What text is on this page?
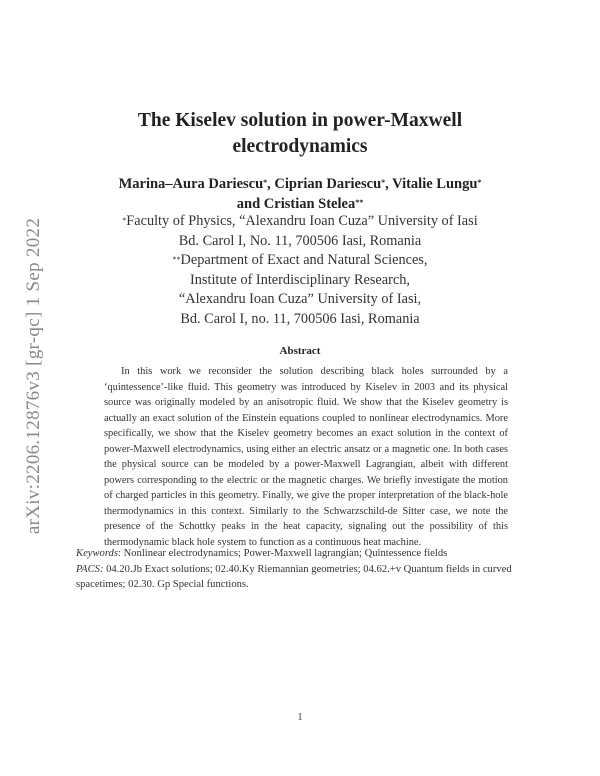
arXiv:2206.12876v3 [gr-qc] 1 Sep 2022
The Kiselev solution in power-Maxwell
electrodynamics
Marina–Aura Dariescu*, Ciprian Dariescu*, Vitalie Lungu*
and Cristian Stelea**
*Faculty of Physics, “Alexandru Ioan Cuza” University of Iasi
Bd. Carol I, No. 11, 700506 Iasi, Romania
**Department of Exact and Natural Sciences,
Institute of Interdisciplinary Research,
“Alexandru Ioan Cuza” University of Iasi,
Bd. Carol I, no. 11, 700506 Iasi, Romania
Abstract
In this work we reconsider the solution describing black holes surrounded by a ‘quintessence’-like fluid. This geometry was introduced by Kiselev in 2003 and its physical source was originally modeled by an anisotropic fluid. We show that the Kiselev geometry is actually an exact solution of the Einstein equations coupled to nonlinear electrodynamics. More specifically, we show that the Kiselev geometry becomes an exact solution in the context of power-Maxwell electrodynamics, using either an electric ansatz or a magnetic one. In both cases the physical source can be modeled by a power-Maxwell Lagrangian, albeit with different powers corresponding to the electric or the magnetic charges. We briefly investigate the motion of charged particles in this geometry. Finally, we give the proper interpretation of the black-hole thermodynamics in this context. Similarly to the Schwarzschild-de Sitter case, we note the presence of the Schottky peaks in the heat capacity, signaling out the possibility of this thermodynamic black hole system to function as a continuous heat machine.
Keywords: Nonlinear electrodynamics; Power-Maxwell lagrangian; Quintessence fields
PACS: 04.20.Jb Exact solutions; 02.40.Ky Riemannian geometries; 04.62.+v Quantum fields in curved spacetimes; 02.30. Gp Special functions.
1
